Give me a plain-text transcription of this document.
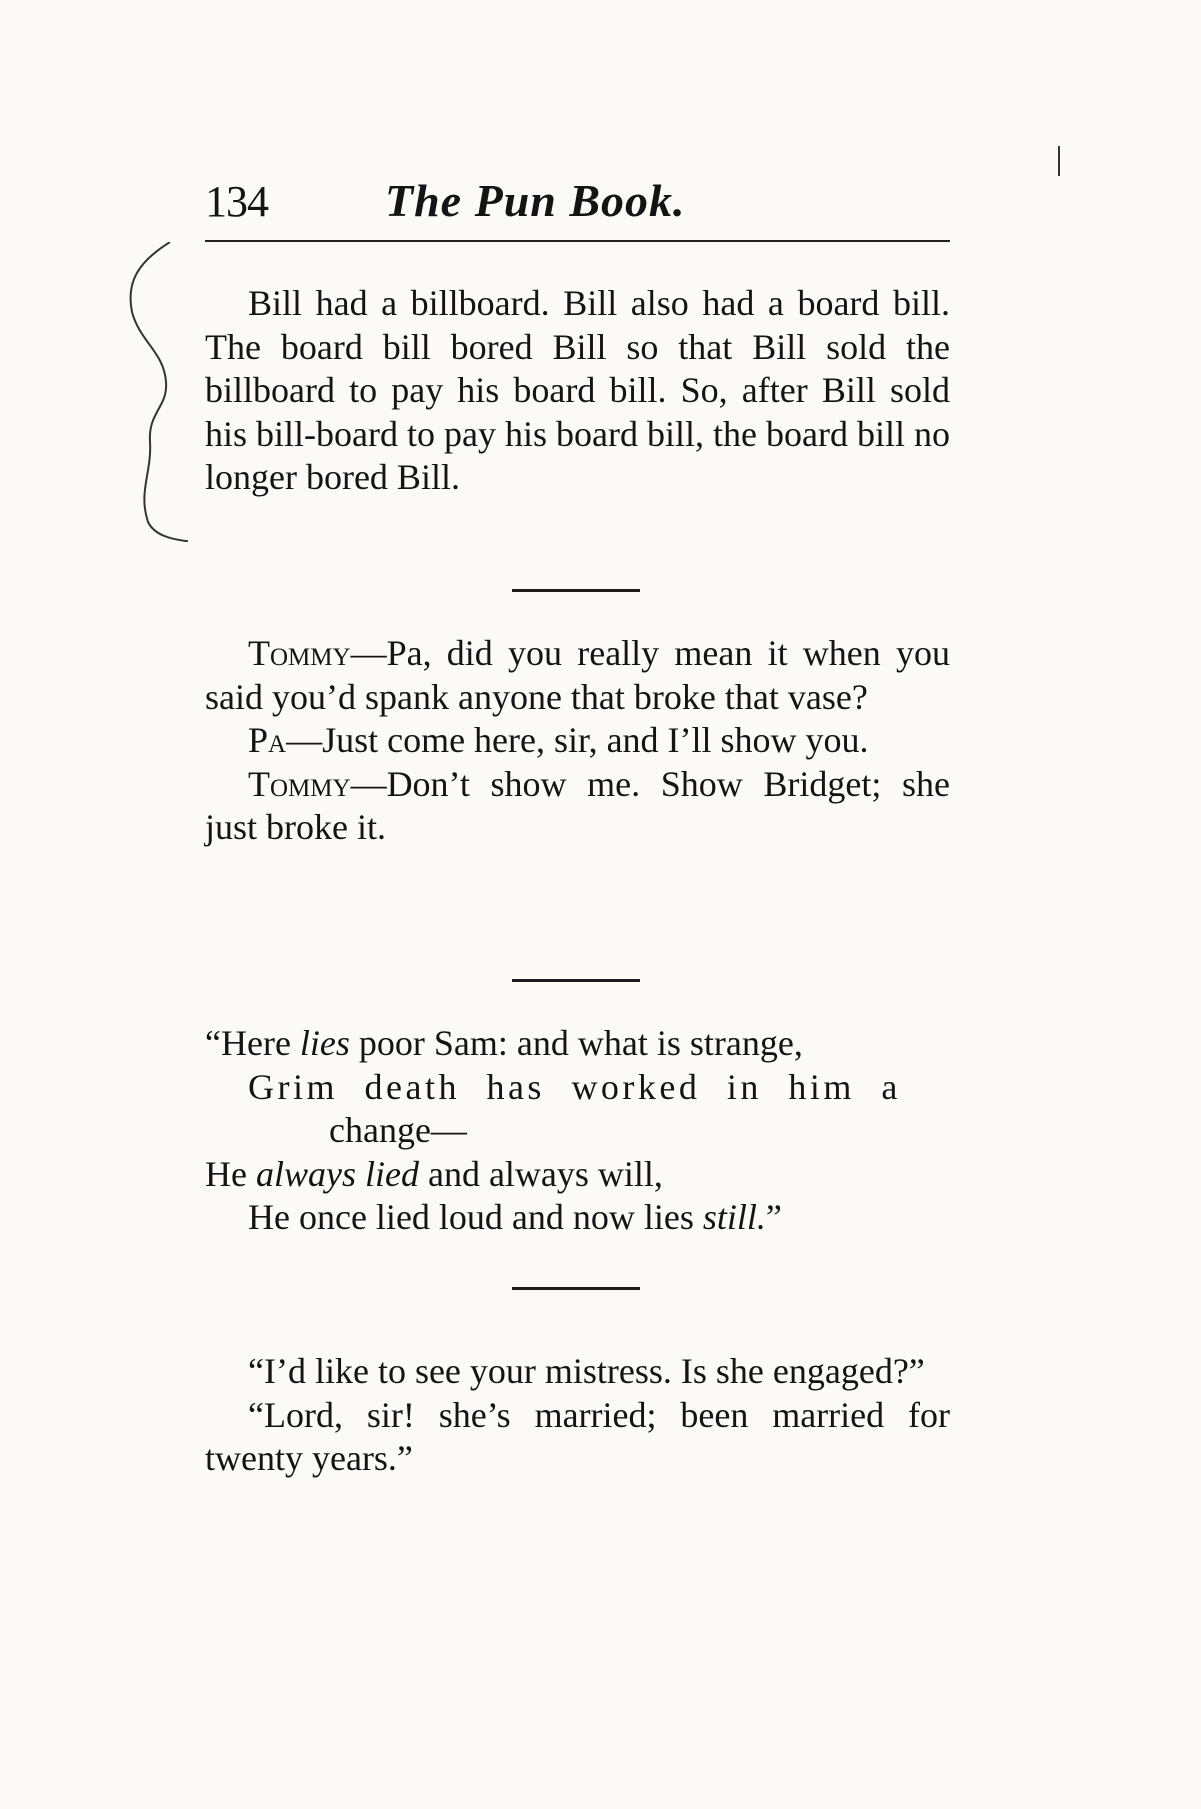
134	The Pun Book.

Bill had a billboard. Bill also had a board bill. The board bill bored Bill so that Bill sold the billboard to pay his board bill. So, after Bill sold his bill-board to pay his board bill, the board bill no longer bored Bill.

Tommy—Pa, did you really mean it when you said you’d spank anyone that broke that vase?

Pa—Just come here, sir, and I’ll show you.

Tommy—Don’t show me. Show Bridget; she just broke it.

“Here lies poor Sam: and what is strange,
Grim death has worked in him a
change—
He always lied and always will,
He once lied loud and now lies still.”

“I’d like to see your mistress. Is she engaged?”

“Lord, sir! she’s married; been married for twenty years.”
